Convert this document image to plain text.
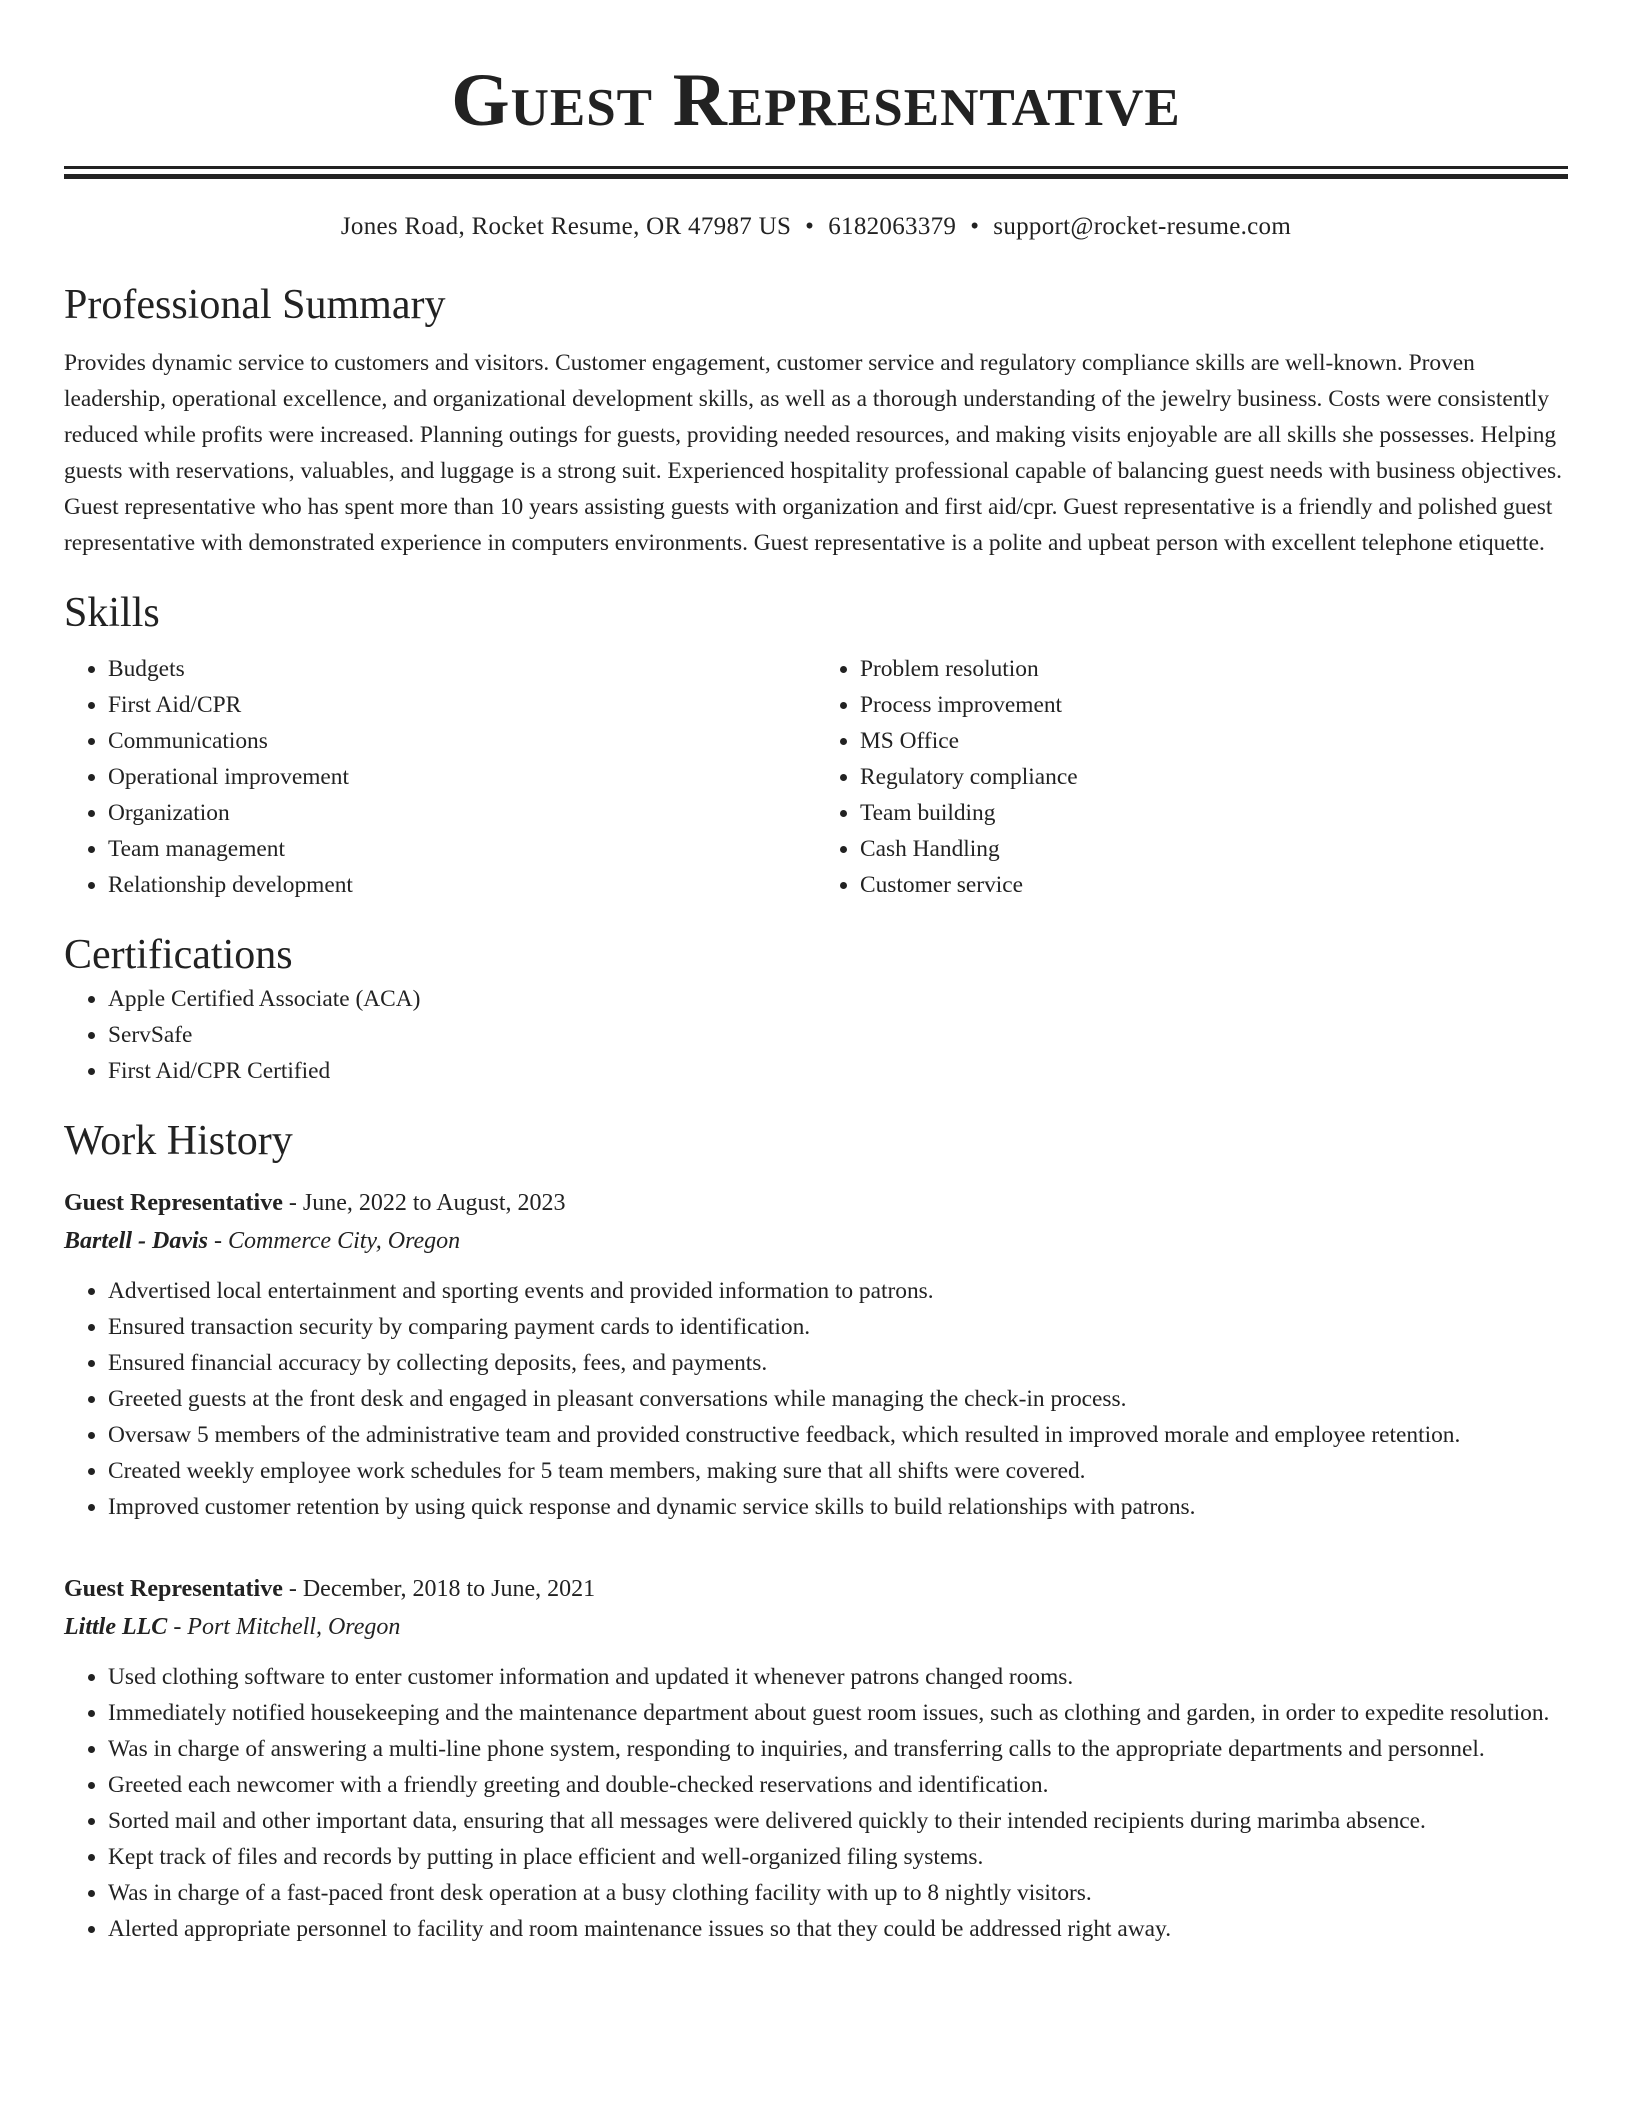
Guest Representative
Jones Road, Rocket Resume, OR 47987 US • 6182063379 • support@rocket-resume.com
Professional Summary

Provides dynamic service to customers and visitors. Customer engagement, customer service and regulatory compliance skills are well-known. Proven leadership, operational excellence, and organizational development skills, as well as a thorough understanding of the jewelry business. Costs were consistently reduced while profits were increased. Planning outings for guests, providing needed resources, and making visits enjoyable are all skills she possesses. Helping guests with reservations, valuables, and luggage is a strong suit. Experienced hospitality professional capable of balancing guest needs with business objectives. Guest representative who has spent more than 10 years assisting guests with organization and first aid/cpr. Guest representative is a friendly and polished guest representative with demonstrated experience in computers environments. Guest representative is a polite and upbeat person with excellent telephone etiquette.

Skills
• Budgets
• First Aid/CPR
• Communications
• Operational improvement
• Organization
• Team management
• Relationship development
• Problem resolution
• Process improvement
• MS Office
• Regulatory compliance
• Team building
• Cash Handling
• Customer service
Certifications
• Apple Certified Associate (ACA)
• ServSafe
• First Aid/CPR Certified
Work History
Guest Representative - June, 2022 to August, 2023
Bartell - Davis - Commerce City, Oregon
• Advertised local entertainment and sporting events and provided information to patrons.
• Ensured transaction security by comparing payment cards to identification.
• Ensured financial accuracy by collecting deposits, fees, and payments.
• Greeted guests at the front desk and engaged in pleasant conversations while managing the check-in process.
• Oversaw 5 members of the administrative team and provided constructive feedback, which resulted in improved morale and employee retention.
• Created weekly employee work schedules for 5 team members, making sure that all shifts were covered.
• Improved customer retention by using quick response and dynamic service skills to build relationships with patrons.
Guest Representative - December, 2018 to June, 2021
Little LLC - Port Mitchell, Oregon
• Used clothing software to enter customer information and updated it whenever patrons changed rooms.
• Immediately notified housekeeping and the maintenance department about guest room issues, such as clothing and garden, in order to expedite resolution.
• Was in charge of answering a multi-line phone system, responding to inquiries, and transferring calls to the appropriate departments and personnel.
• Greeted each newcomer with a friendly greeting and double-checked reservations and identification.
• Sorted mail and other important data, ensuring that all messages were delivered quickly to their intended recipients during marimba absence.
• Kept track of files and records by putting in place efficient and well-organized filing systems.
• Was in charge of a fast-paced front desk operation at a busy clothing facility with up to 8 nightly visitors.
• Alerted appropriate personnel to facility and room maintenance issues so that they could be addressed right away.
